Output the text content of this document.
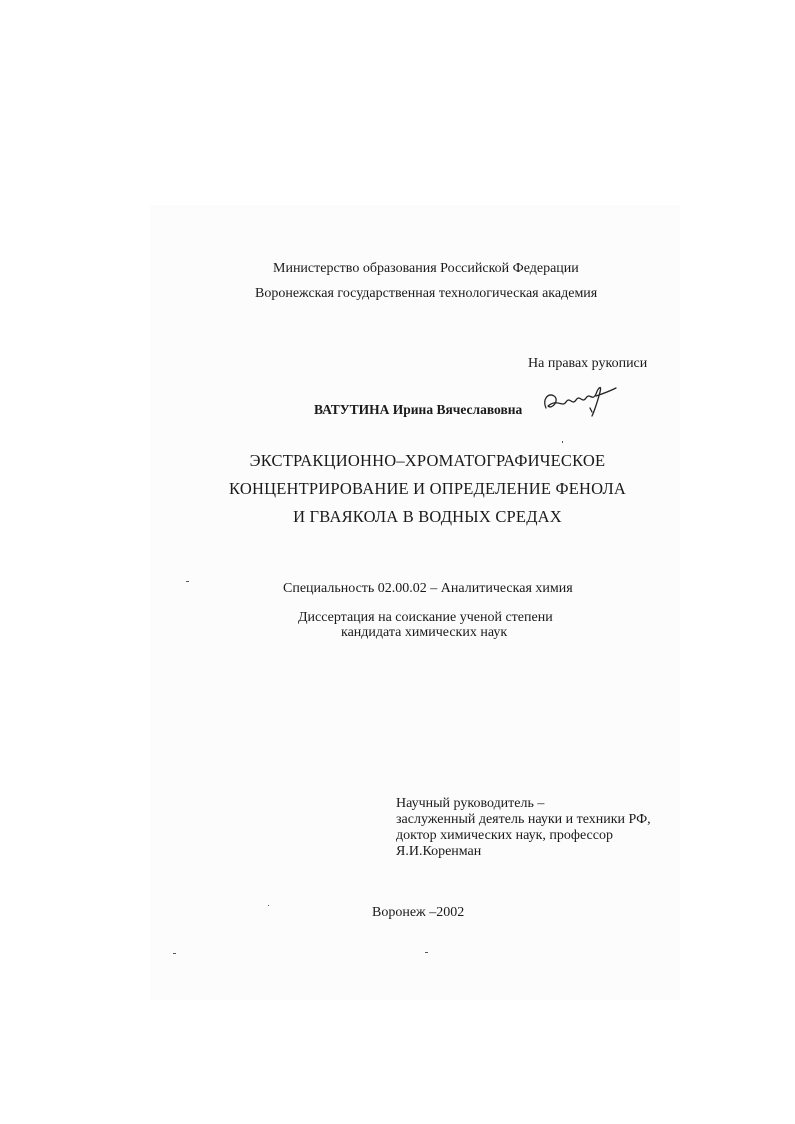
Министерство образования Российской Федерации
Воронежская государственная технологическая академия
На правах рукописи
ВАТУТИНА Ирина Вячеславовна
ЭКСТРАКЦИОННО–ХРОМАТОГРАФИЧЕСКОЕ
КОНЦЕНТРИРОВАНИЕ И ОПРЕДЕЛЕНИЕ ФЕНОЛА
И ГВАЯКОЛА В ВОДНЫХ СРЕДАХ
Специальность 02.00.02 – Аналитическая химия
Диссертация на соискание ученой степени
кандидата химических наук
Научный руководитель –
заслуженный деятель науки и техники РФ,
доктор химических наук, профессор
Я.И.Коренман
Воронеж –2002
